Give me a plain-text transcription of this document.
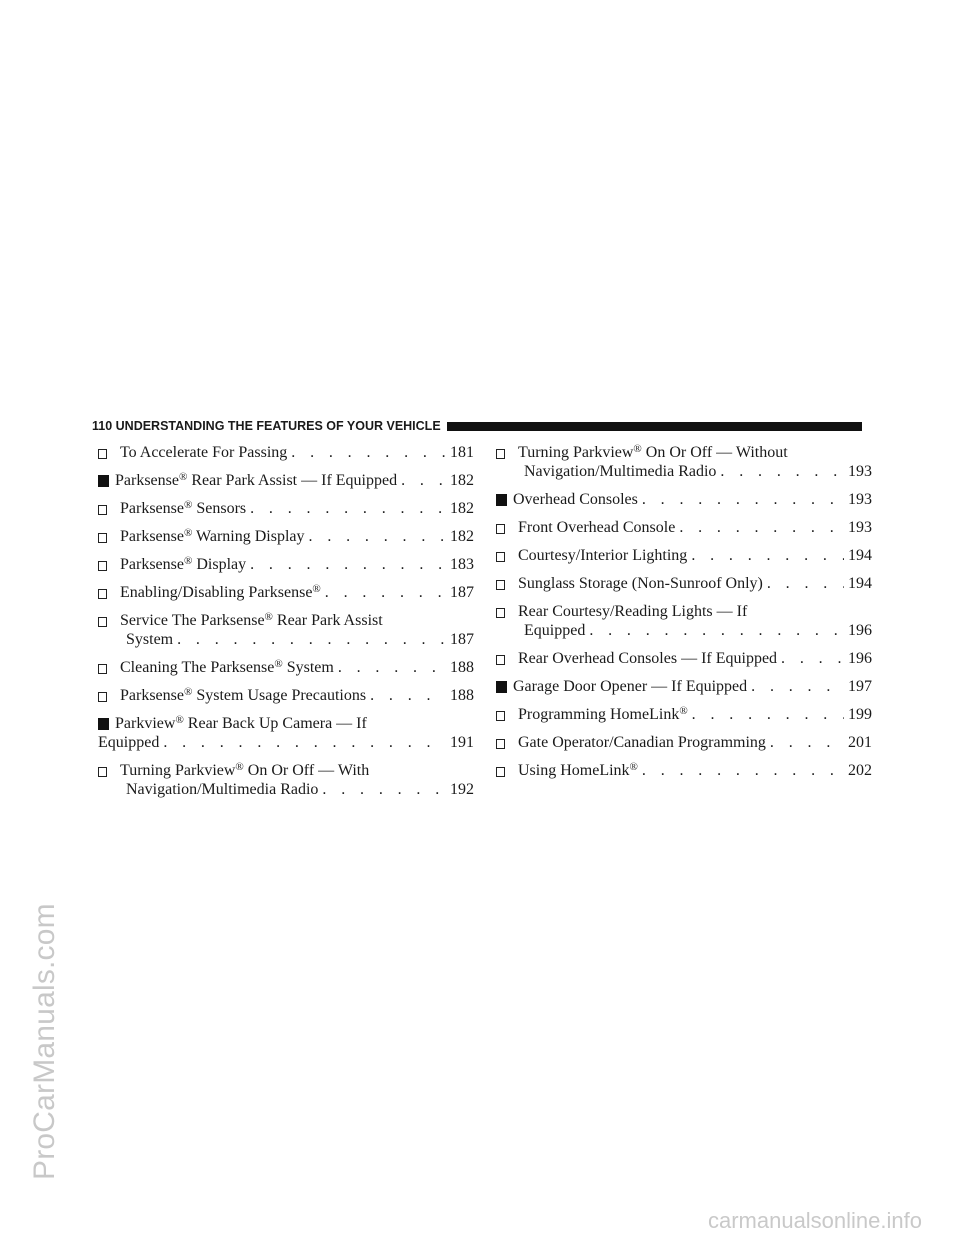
ProCarManuals.com
carmanualsonline.info
110 UNDERSTANDING THE FEATURES OF YOUR VEHICLE
To Accelerate For Passing . . .	181
Parksense® Rear Park Assist — If Equipped . . .	182
Parksense® Sensors . . .	182
Parksense® Warning Display . . .	182
Parksense® Display . . .	183
Enabling/Disabling Parksense® . . .	187
Service The Parksense® Rear Park Assist
System . . .	187
Cleaning The Parksense® System . . .	188
Parksense® System Usage Precautions . . .	188
Parkview® Rear Back Up Camera — If
Equipped . . .	191
Turning Parkview® On Or Off — With
Navigation/Multimedia Radio . . .	192
Turning Parkview® On Or Off — Without
Navigation/Multimedia Radio . . .	193
Overhead Consoles . . .	193
Front Overhead Console . . .	193
Courtesy/Interior Lighting . . .	194
Sunglass Storage (Non-Sunroof Only) . . .	194
Rear Courtesy/Reading Lights — If
Equipped . . .	196
Rear Overhead Consoles — If Equipped . . .	196
Garage Door Opener — If Equipped . . .	197
Programming HomeLink® . . .	199
Gate Operator/Canadian Programming . . .	201
Using HomeLink® . . .	202
